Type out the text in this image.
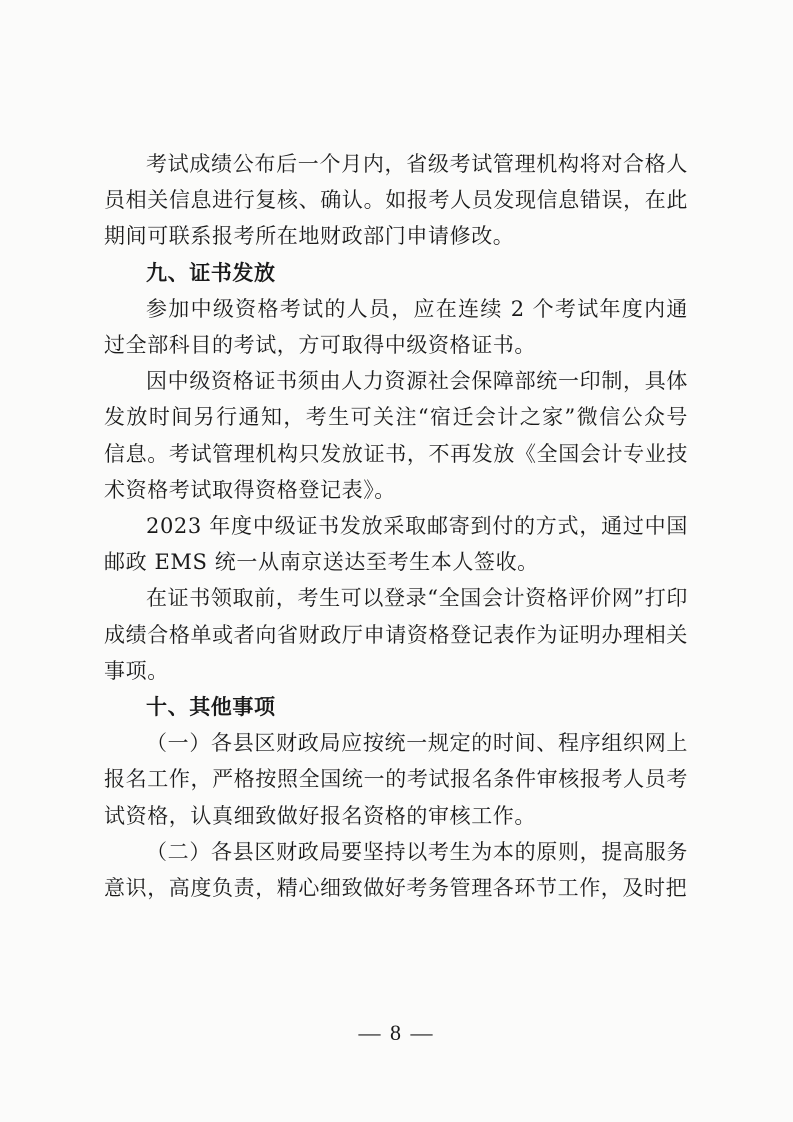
考试成绩公布后一个月内，省级考试管理机构将对合格人员相关信息进行复核、确认。如报考人员发现信息错误，在此期间可联系报考所在地财政部门申请修改。

九、证书发放

参加中级资格考试的人员，应在连续 2 个考试年度内通过全部科目的考试，方可取得中级资格证书。

因中级资格证书须由人力资源社会保障部统一印制，具体发放时间另行通知，考生可关注“宿迁会计之家”微信公众号信息。考试管理机构只发放证书，不再发放《全国会计专业技术资格考试取得资格登记表》。

2023 年度中级证书发放采取邮寄到付的方式，通过中国邮政 EMS 统一从南京送达至考生本人签收。

在证书领取前，考生可以登录“全国会计资格评价网”打印成绩合格单或者向省财政厅申请资格登记表作为证明办理相关事项。

十、其他事项

（一）各县区财政局应按统一规定的时间、程序组织网上报名工作，严格按照全国统一的考试报名条件审核报考人员考试资格，认真细致做好报名资格的审核工作。

（二）各县区财政局要坚持以考生为本的原则，提高服务意识，高度负责，精心细致做好考务管理各环节工作，及时把

— 8 —
